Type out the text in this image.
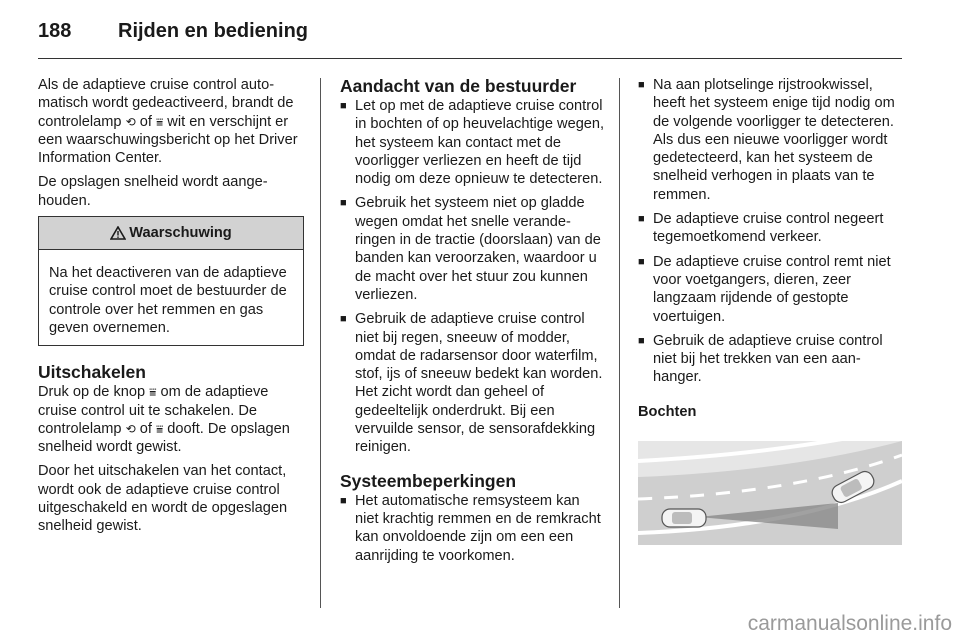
188 Rijden en bediening

Als de adaptieve cruise control automatisch wordt gedeactiveerd, brandt de controlelamp ⟲ of ⩸ wit en verschijnt er een waarschuwingsbericht op het Driver Information Center.

De opslagen snelheid wordt aangehouden.

Waarschuwing
Na het deactiveren van de adaptieve cruise control moet de bestuurder de controle over het remmen en gas geven overnemen.
Uitschakelen

Druk op de knop ⩸ om de adaptieve cruise control uit te schakelen. De controlelamp ⟲ of ⩸ dooft. De opslagen snelheid wordt gewist.

Door het uitschakelen van het contact, wordt ook de adaptieve cruise control uitgeschakeld en wordt de opgeslagen snelheid gewist.

Aandacht van de bestuurder
■ Let op met de adaptieve cruise control in bochten of op heuvelachtige wegen, het systeem kan contact met de voorligger verliezen en heeft de tijd nodig om deze opnieuw te detecteren.
■ Gebruik het systeem niet op gladde wegen omdat het snelle veranderingen in de tractie (doorslaan) van de banden kan veroorzaken, waardoor u de macht over het stuur zou kunnen verliezen.
■ Gebruik de adaptieve cruise control niet bij regen, sneeuw of modder, omdat de radarsensor door waterfilm, stof, ijs of sneeuw bedekt kan worden. Het zicht wordt dan geheel of gedeeltelijk onderdrukt. Bij een vervuilde sensor, de sensorafdekking reinigen.
Systeembeperkingen
■ Het automatische remsysteem kan niet krachtig remmen en de remkracht kan onvoldoende zijn om een een aanrijding te voorkomen.
■ Na aan plotselinge rijstrookwissel, heeft het systeem enige tijd nodig om de volgende voorligger te detecteren. Als dus een nieuwe voorligger wordt gedetecteerd, kan het systeem de snelheid verhogen in plaats van te remmen.
■ De adaptieve cruise control negeert tegemoetkomend verkeer.
■ De adaptieve cruise control remt niet voor voetgangers, dieren, zeer langzaam rijdende of gestopte voertuigen.
■ Gebruik de adaptieve cruise control niet bij het trekken van een aanhanger.
Bochten
carmanualsonline.info
